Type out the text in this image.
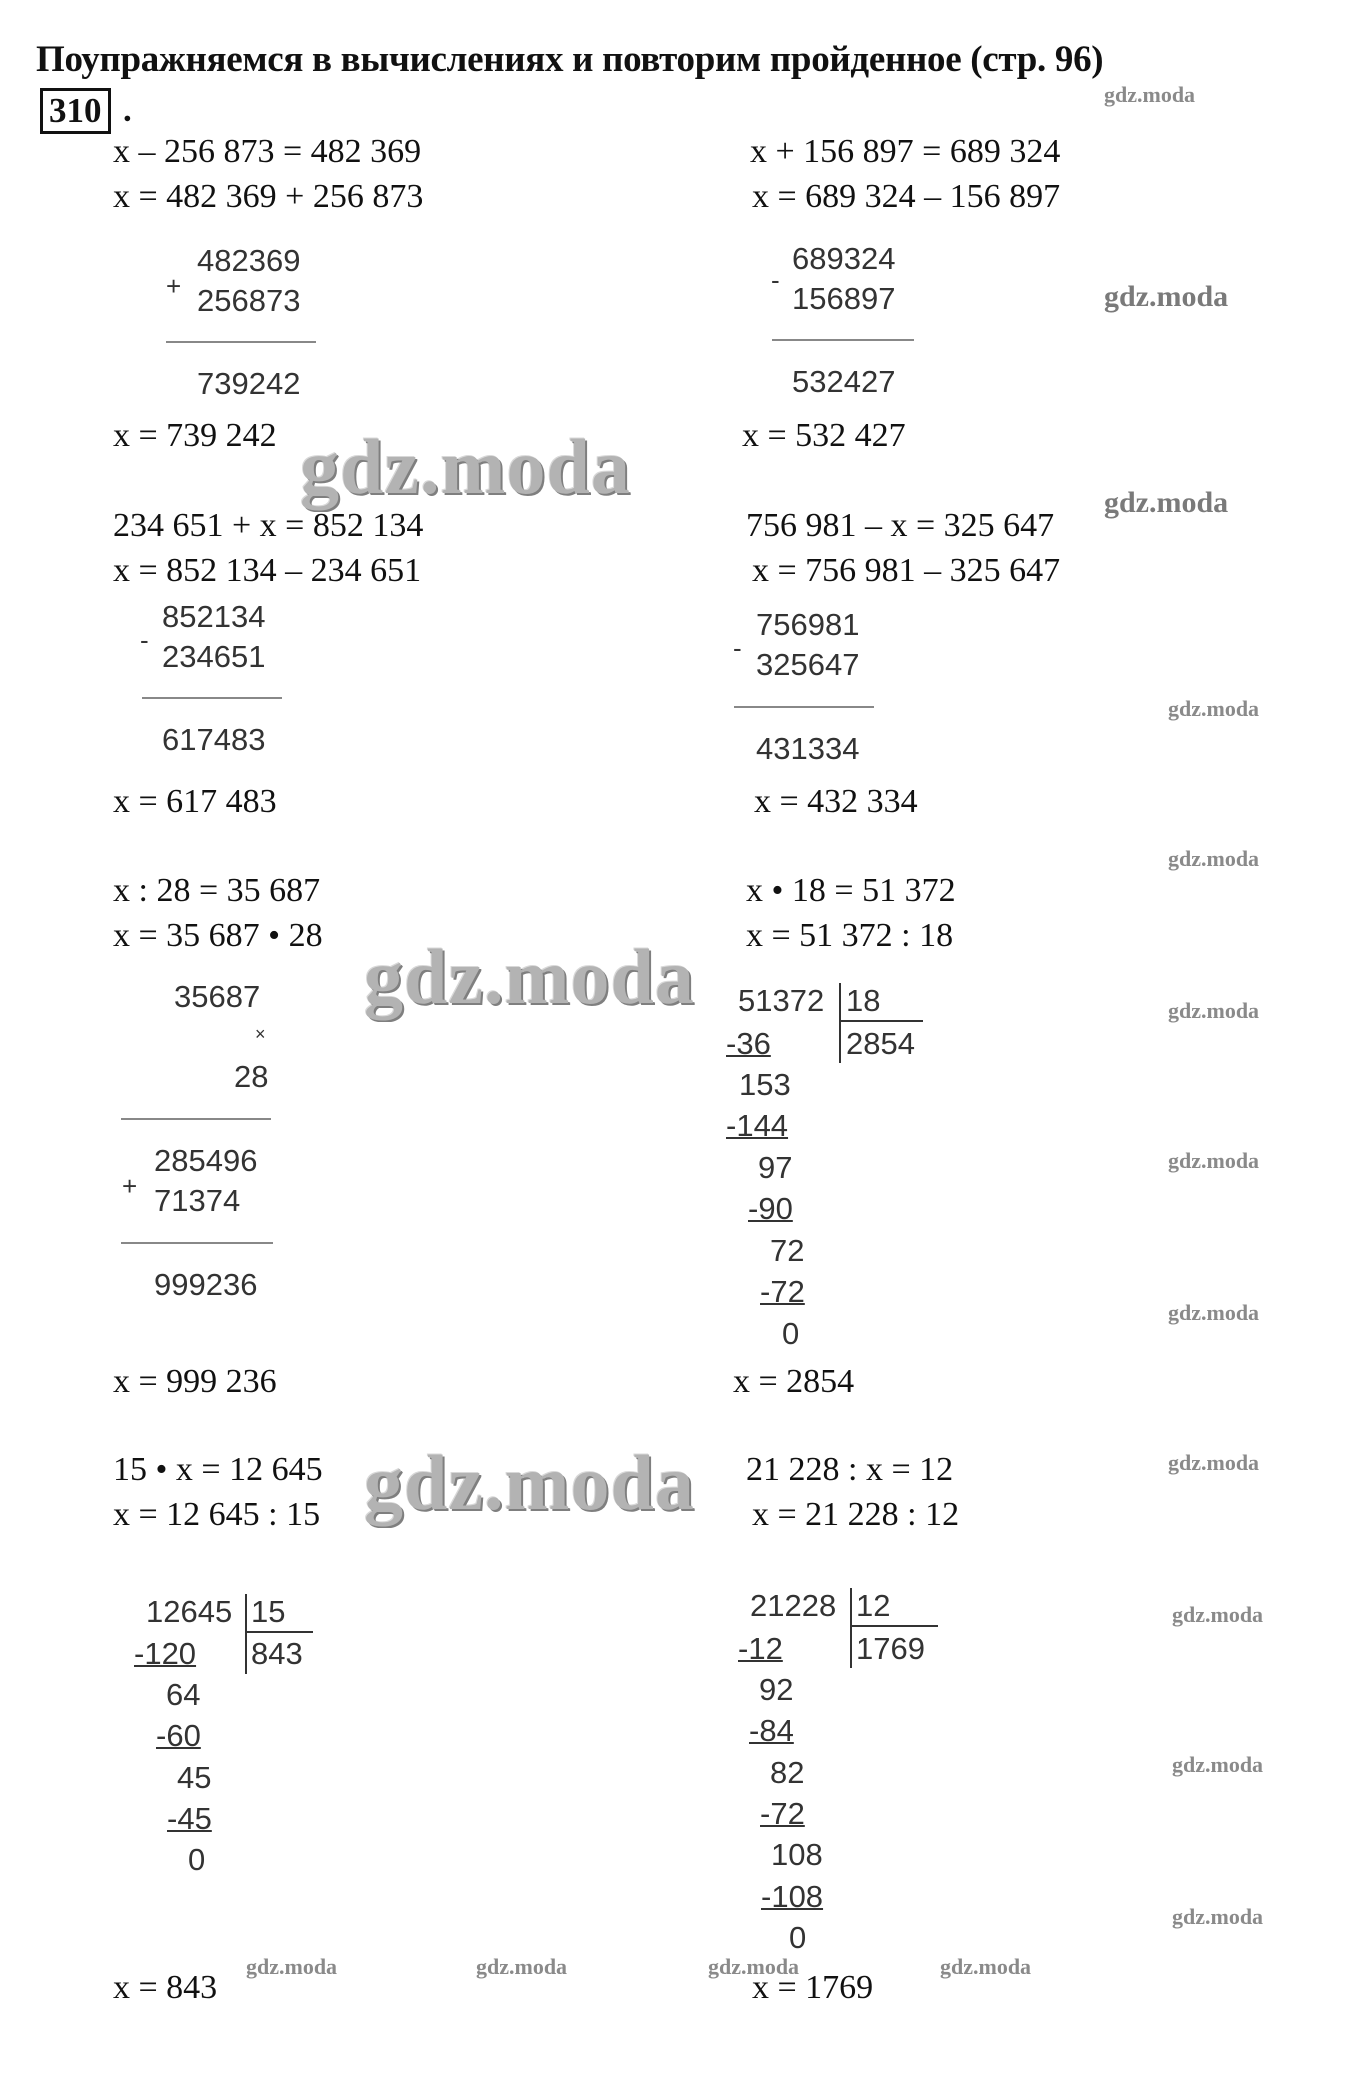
Поупражняемся в вычислениях и повторим пройденное (стр. 96)
310 .
x – 256 873 = 482 369
x = 482 369 + 256 873
+
482369
256873
739242
x = 739 242
x + 156 897 = 689 324
x = 689 324 – 156 897
-
689324
156897
532427
x = 532 427
234 651 + x = 852 134
x = 852 134 – 234 651
-
852134
234651
617483
x = 617 483
756 981 – x = 325 647
x = 756 981 – 325 647
-
756981
325647
431334
x = 432 334
x : 28 = 35 687
x = 35 687 • 28
35687
×
28
+
285496
71374
999236
x = 999 236
x • 18 = 51 372
x = 51 372 : 18
51372 18
2854
-36
153
-144
97
-90
72
-72
0
x = 2854
15 • x = 12 645
x = 12 645 : 15
12645 15
843
-120
64
-60
45
-45
0
x = 843
21 228 : x = 12
x = 21 228 : 12
21228 12
1769
-12
92
-84
82
-72
108
-108
0
x = 1769
gdz.moda
gdz.moda
gdz.moda
gdz.moda
gdz.moda
gdz.moda
gdz.moda
gdz.moda
gdz.moda
gdz.moda
gdz.moda
gdz.moda
gdz.moda	gdz.moda	gdz.moda	gdz.moda
gdz.moda
gdz.moda
gdz.moda
